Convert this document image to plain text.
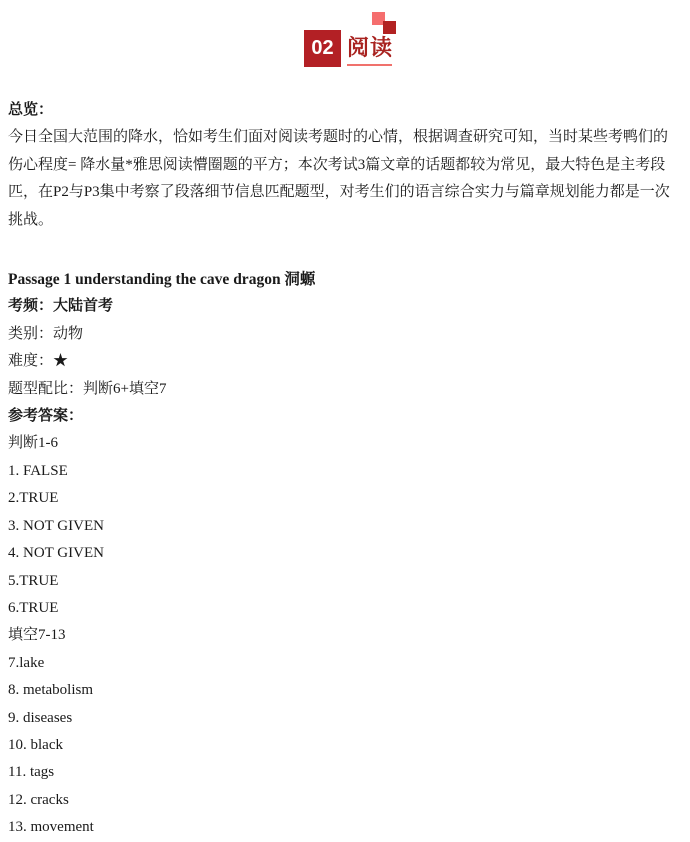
02 阅读
总览：
今日全国大范围的降水，恰如考生们面对阅读考题时的心情，根据调查研究可知，当时某些考鸭们的伤心程度= 降水量*雅思阅读懵圈题的平方；本次考试3篇文章的话题都较为常见，最大特色是主考段匹，在P2与P3集中考察了段落细节信息匹配题型，对考生们的语言综合实力与篇章规划能力都是一次挑战。
Passage 1 understanding the cave dragon 洞螈
考频：大陆首考
类别：动物
难度：★
题型配比：判断6+填空7
参考答案：
判断1-6
1. FALSE
2.TRUE
3. NOT GIVEN
4. NOT GIVEN
5.TRUE
6.TRUE
填空7-13
7.lake
8. metabolism
9. diseases
10. black
11. tags
12. cracks
13. movement
